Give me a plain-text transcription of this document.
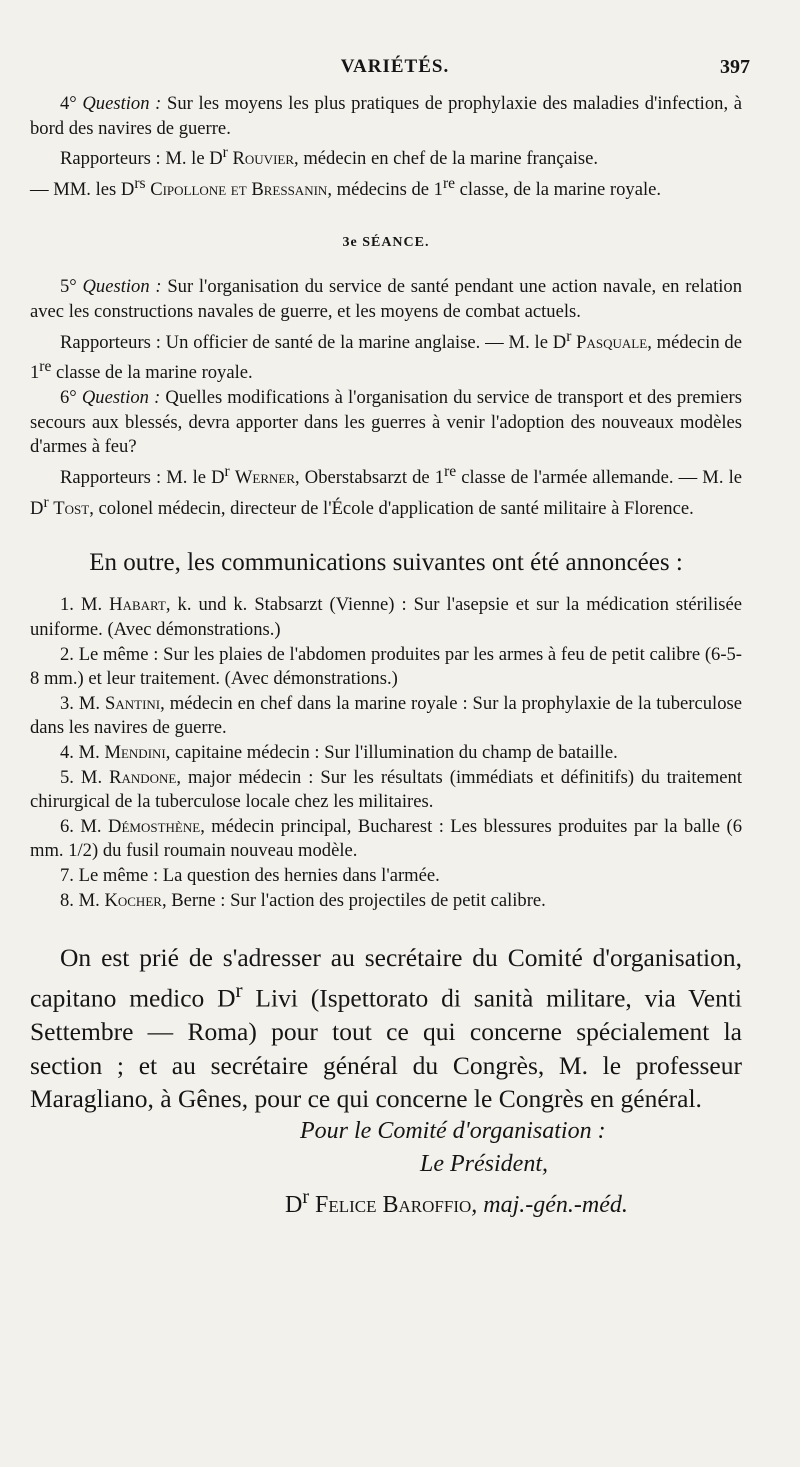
VARIÉTÉS.	397

4° Question : Sur les moyens les plus pratiques de prophylaxie des maladies d'infection, à bord des navires de guerre.

Rapporteurs : M. le $D^r$ Rouvier, médecin en chef de la marine française.

— MM. les $D^{rs}$ Cipollone et Bressanin, médecins de 1re classe, de la marine royale.

3e SÉANCE.

5° Question : Sur l'organisation du service de santé pendant une action navale, en relation avec les constructions navales de guerre, et les moyens de combat actuels.

Rapporteurs : Un officier de santé de la marine anglaise. — M. le $D^r$ Pasquale, médecin de 1re classe de la marine royale.

6° Question : Quelles modifications à l'organisation du service de transport et des premiers secours aux blessés, devra apporter dans les guerres à venir l'adoption des nouveaux modèles d'armes à feu?

Rapporteurs : M. le $D^r$ Werner, Oberstabsarzt de 1re classe de l'armée allemande. — M. le $D^r$ Tost, colonel médecin, directeur de l'École d'application de santé militaire à Florence.

En outre, les communications suivantes ont été annoncées :

1. M. Habart, k. und k. Stabsarzt (Vienne) : Sur l'asepsie et sur la médication stérilisée uniforme. (Avec démonstrations.)

2. Le même : Sur les plaies de l'abdomen produites par les armes à feu de petit calibre (6-5-8 mm.) et leur traitement. (Avec démonstrations.)

3. M. Santini, médecin en chef dans la marine royale : Sur la prophylaxie de la tuberculose dans les navires de guerre.

4. M. Mendini, capitaine médecin : Sur l'illumination du champ de bataille.

5. M. Randone, major médecin : Sur les résultats (immédiats et définitifs) du traitement chirurgical de la tuberculose locale chez les militaires.

6. M. Démosthène, médecin principal, Bucharest : Les blessures produites par la balle (6 mm. 1/2) du fusil roumain nouveau modèle.

7. Le même : La question des hernies dans l'armée.

8. M. Kocher, Berne : Sur l'action des projectiles de petit calibre.

On est prié de s'adresser au secrétaire du Comité d'organisation, capitano medico $D^r$ Livi (Ispettorato di sanità militare, via Venti Settembre — Roma) pour tout ce qui concerne spécialement la section ; et au secrétaire général du Congrès, M. le professeur Maragliano, à Gênes, pour ce qui concerne le Congrès en général.

Pour le Comité d'organisation :
Le Président,
$D^r$ Felice Baroffio, maj.-gén.-méd.
